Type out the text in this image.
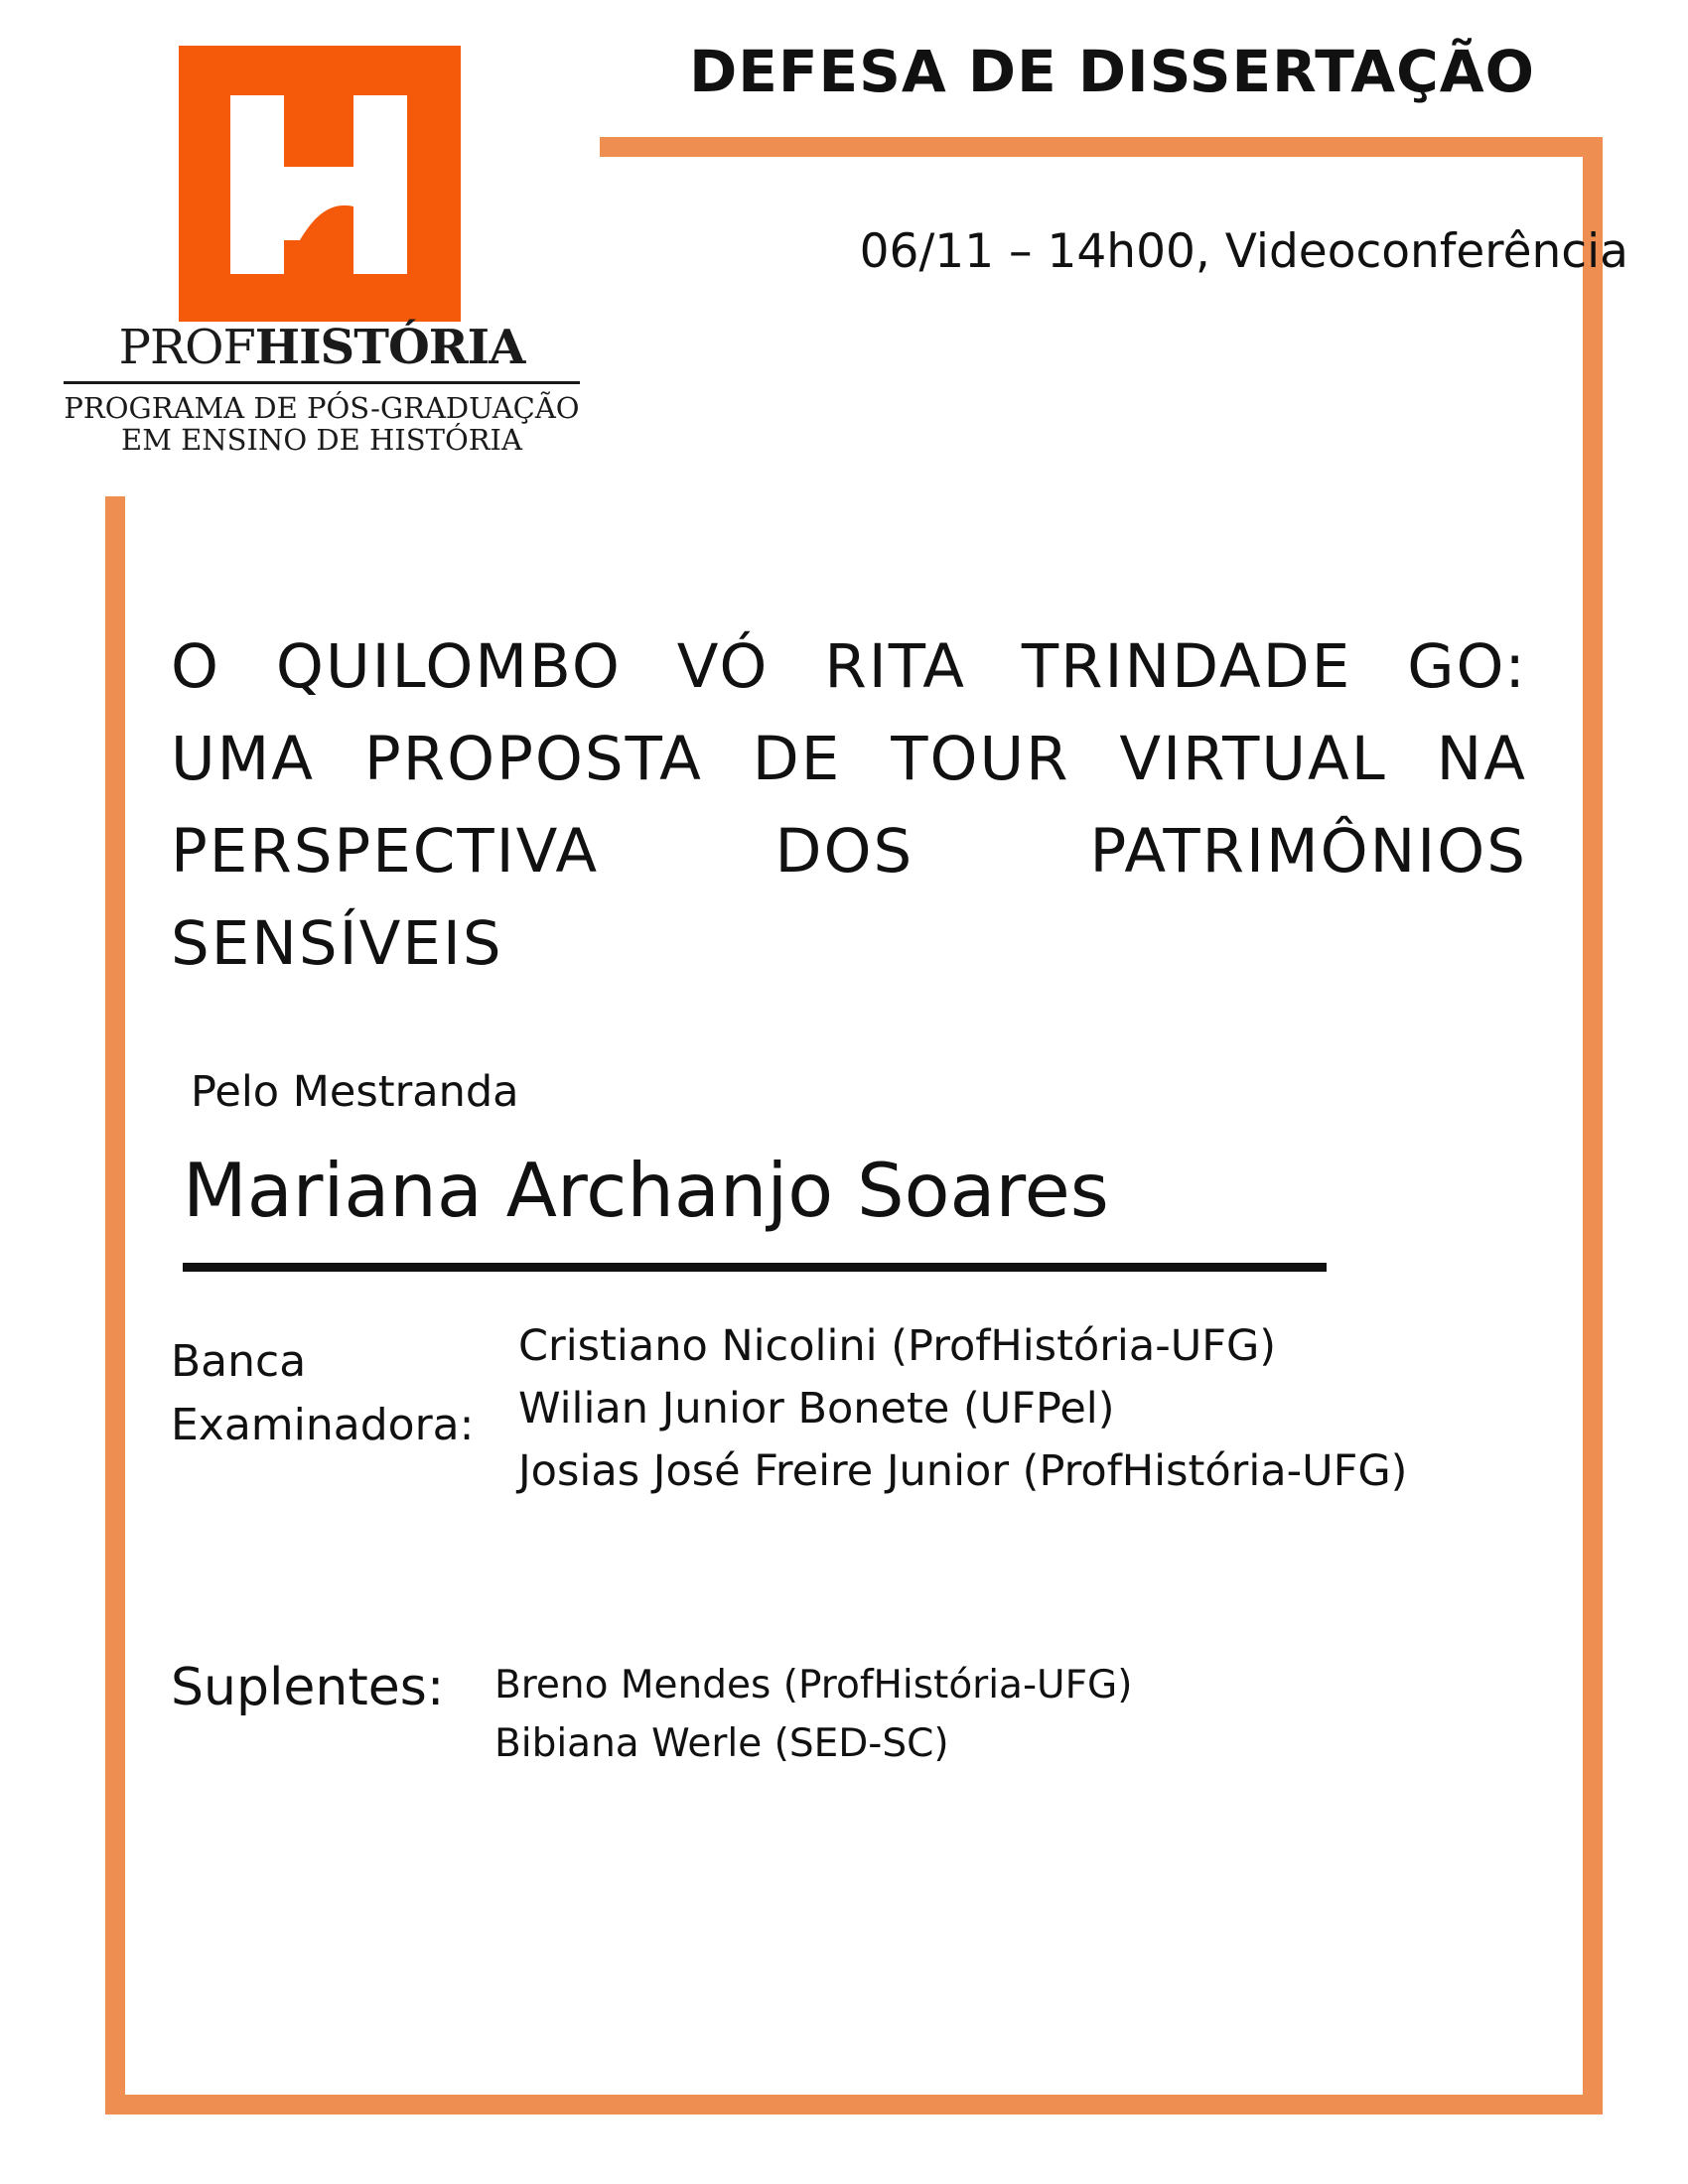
PROFHISTÓRIA
PROGRAMA DE PÓS-GRADUAÇÃO
EM ENSINO DE HISTÓRIA
DEFESA DE DISSERTAÇÃO
06/11 – 14h00, Videoconferência
O QUILOMBO VÓ RITA TRINDADE GO:
UMA PROPOSTA DE TOUR VIRTUAL NA
PERSPECTIVA DOS PATRIMÔNIOS
SENSÍVEIS
Pelo Mestranda
Mariana Archanjo Soares
Banca
Examinadora:
Cristiano Nicolini (ProfHistória-UFG)
Wilian Junior Bonete (UFPel)
Josias José Freire Junior (ProfHistória-UFG)
Suplentes: Breno Mendes (ProfHistória-UFG)
Bibiana Werle (SED-SC)
